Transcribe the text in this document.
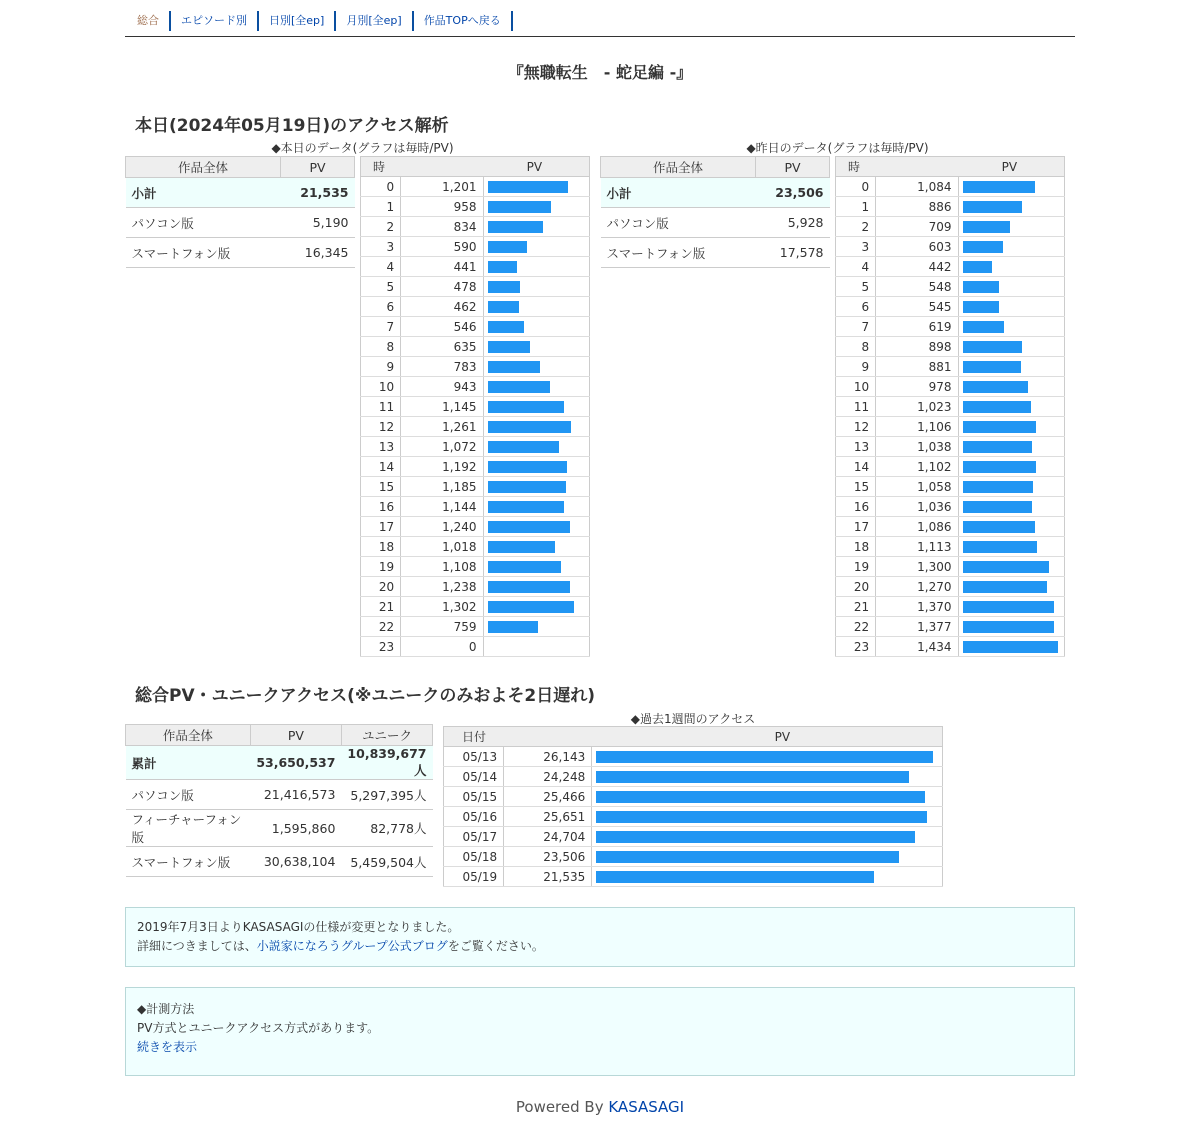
総合	エピソード別	日別[全ep]	月別[全ep]	作品TOPへ戻る
『無職転生　- 蛇足編 -』
本日(2024年05月19日)のアクセス解析
◆本日のデータ(グラフは毎時/PV)	◆昨日のデータ(グラフは毎時/PV)
作品全体	PV
小計	21,535
パソコン版	5,190
スマートフォン版	16,345
時	PV	
0	1,201	

1	958	

2	834	

3	590	

4	441	

5	478	

6	462	

7	546	

8	635	

9	783	

10	943	

11	1,145	

12	1,261	

13	1,072	

14	1,192	

15	1,185	

16	1,144	

17	1,240	

18	1,018	

19	1,108	

20	1,238	

21	1,302	

22	759	

23	0	
作品全体	PV
小計	23,506
パソコン版	5,928
スマートフォン版	17,578
時	PV	
0	1,084	

1	886	

2	709	

3	603	

4	442	

5	548	

6	545	

7	619	

8	898	

9	881	

10	978	

11	1,023	

12	1,106	

13	1,038	

14	1,102	

15	1,058	

16	1,036	

17	1,086	

18	1,113	

19	1,300	

20	1,270	

21	1,370	

22	1,377	

23	1,434	
総合PV・ユニークアクセス(※ユニークのみおよそ2日遅れ)
◆過去1週間のアクセス
作品全体	PV	ユニーク
累計	53,650,537	10,839,677人
パソコン版	21,416,573	5,297,395人
フィーチャーフォン版	1,595,860	82,778人
スマートフォン版	30,638,104	5,459,504人
日付	PV	
05/13	26,143	

05/14	24,248	

05/15	25,466	

05/16	25,651	

05/17	24,704	

05/18	23,506	

05/19	21,535	
2019年7月3日よりKASASAGIの仕様が変更となりました。
詳細につきましては、小説家になろうグループ公式ブログをご覧ください。
◆計測方法
PV方式とユニークアクセス方式があります。
続きを表示
Powered By KASASAGI
